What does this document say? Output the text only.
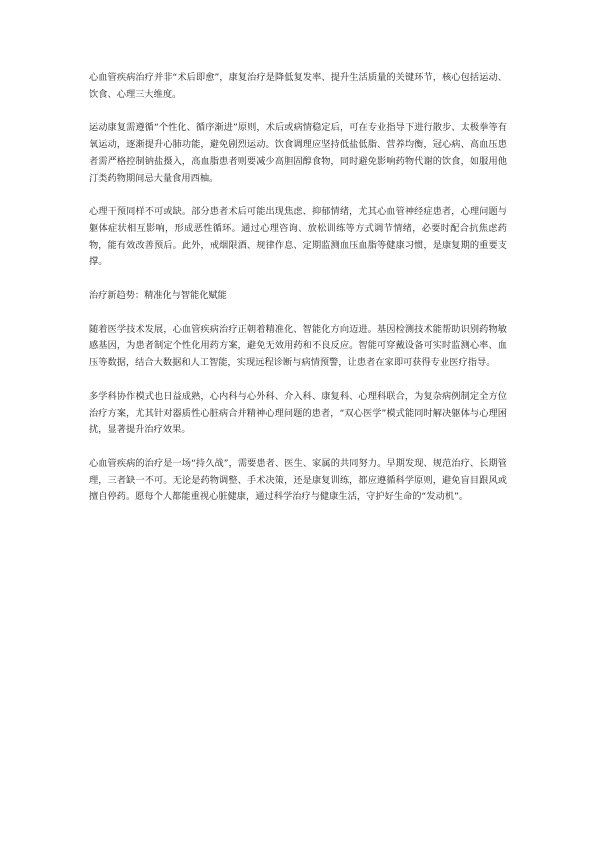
心血管疾病治疗并非“术后即愈”，康复治疗是降低复发率、提升生活质量的关键环节，核心包括运动、饮食、心理三大维度。

运动康复需遵循“个性化、循序渐进”原则，术后或病情稳定后，可在专业指导下进行散步、太极拳等有氧运动，逐渐提升心肺功能，避免剧烈运动。饮食调理应坚持低盐低脂、营养均衡，冠心病、高血压患者需严格控制钠盐摄入，高血脂患者则要减少高胆固醇食物，同时避免影响药物代谢的饮食，如服用他汀类药物期间忌大量食用西柚。

心理干预同样不可或缺。部分患者术后可能出现焦虑、抑郁情绪，尤其心血管神经症患者，心理问题与躯体症状相互影响，形成恶性循环。通过心理咨询、放松训练等方式调节情绪，必要时配合抗焦虑药物，能有效改善预后。此外，戒烟限酒、规律作息、定期监测血压血脂等健康习惯，是康复期的重要支撑。

治疗新趋势：精准化与智能化赋能

随着医学技术发展，心血管疾病治疗正朝着精准化、智能化方向迈进。基因检测技术能帮助识别药物敏感基因，为患者制定个性化用药方案，避免无效用药和不良反应。智能可穿戴设备可实时监测心率、血压等数据，结合大数据和人工智能，实现远程诊断与病情预警，让患者在家即可获得专业医疗指导。

多学科协作模式也日益成熟，心内科与心外科、介入科、康复科、心理科联合，为复杂病例制定全方位治疗方案，尤其针对器质性心脏病合并精神心理问题的患者，“双心医学”模式能同时解决躯体与心理困扰，显著提升治疗效果。

心血管疾病的治疗是一场“持久战”，需要患者、医生、家属的共同努力。早期发现、规范治疗、长期管理，三者缺一不可。无论是药物调整、手术决策，还是康复训练，都应遵循科学原则，避免盲目跟风或擅自停药。愿每个人都能重视心脏健康，通过科学治疗与健康生活，守护好生命的“发动机”。
